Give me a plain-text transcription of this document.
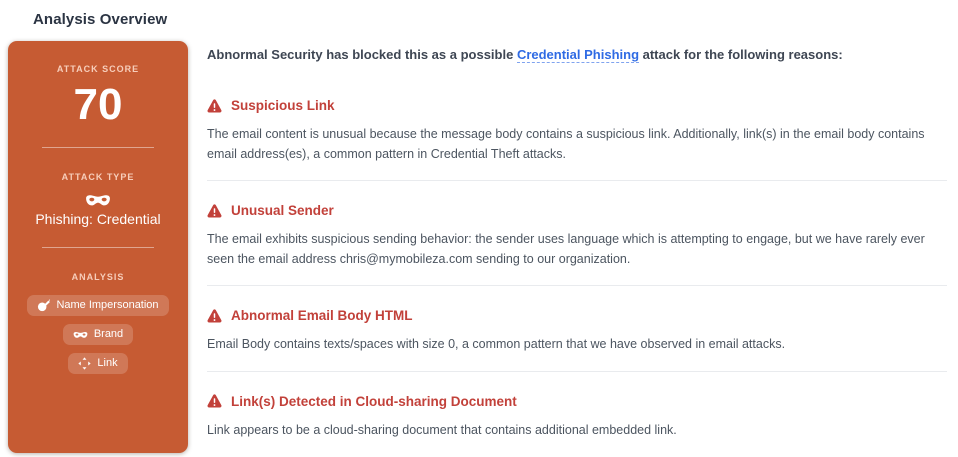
Analysis Overview
ATTACK SCORE
70
ATTACK TYPE
Phishing: Credential
ANALYSIS
Name Impersonation
Brand
Link

Abnormal Security has blocked this as a possible Credential Phishing attack for the following reasons:

Suspicious Link

The email content is unusual because the message body contains a suspicious link. Additionally, link(s) in the email body contains email address(es), a common pattern in Credential Theft attacks.

Unusual Sender

The email exhibits suspicious sending behavior: the sender uses language which is attempting to engage, but we have rarely ever seen the email address chris@mymobileza.com sending to our organization.

Abnormal Email Body HTML

Email Body contains texts/spaces with size 0, a common pattern that we have observed in email attacks.

Link(s) Detected in Cloud-sharing Document

Link appears to be a cloud-sharing document that contains additional embedded link.
